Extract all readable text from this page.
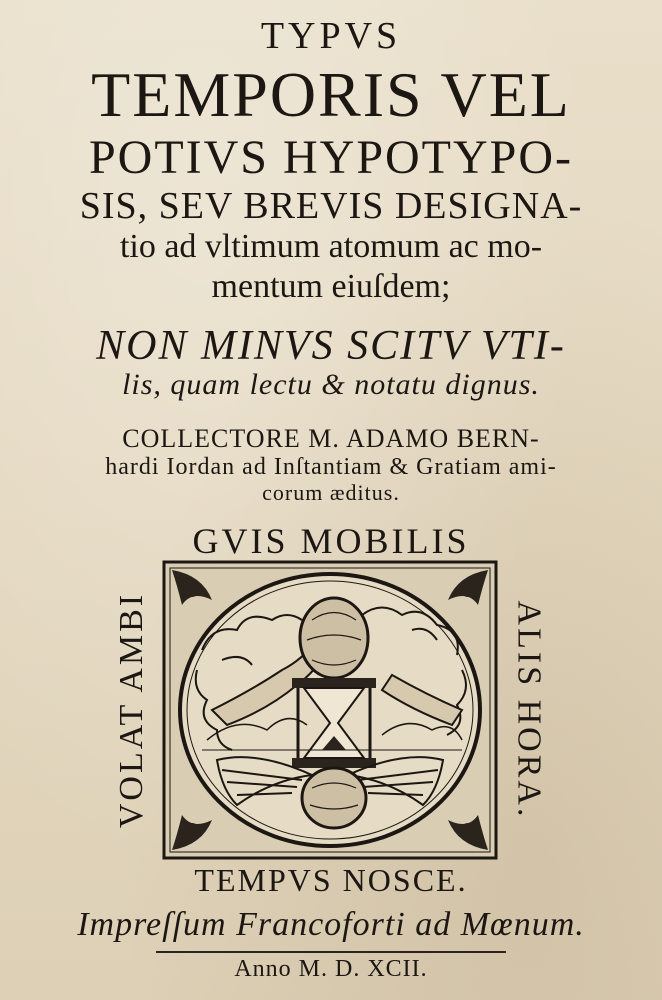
TYPVS
TEMPORIS VEL
POTIVS HYPOTYPO-
SIS, SEV BREVIS DESIGNA-
tio ad vltimum atomum ac mo-
mentum eiuſdem;
NON MINVS SCITV VTI-
lis, quam lectu & notatu dignus.
COLLECTORE M. ADAMO BERN-
hardi Iordan ad Inſtantiam & Gratiam ami-
corum æditus.
GVIS MOBILIS
VOLAT AMBI	ALIS HORA.
TEMPVS NOSCE.
Impreſſum Francoforti ad Mœnum.
Anno M. D. XCII.
